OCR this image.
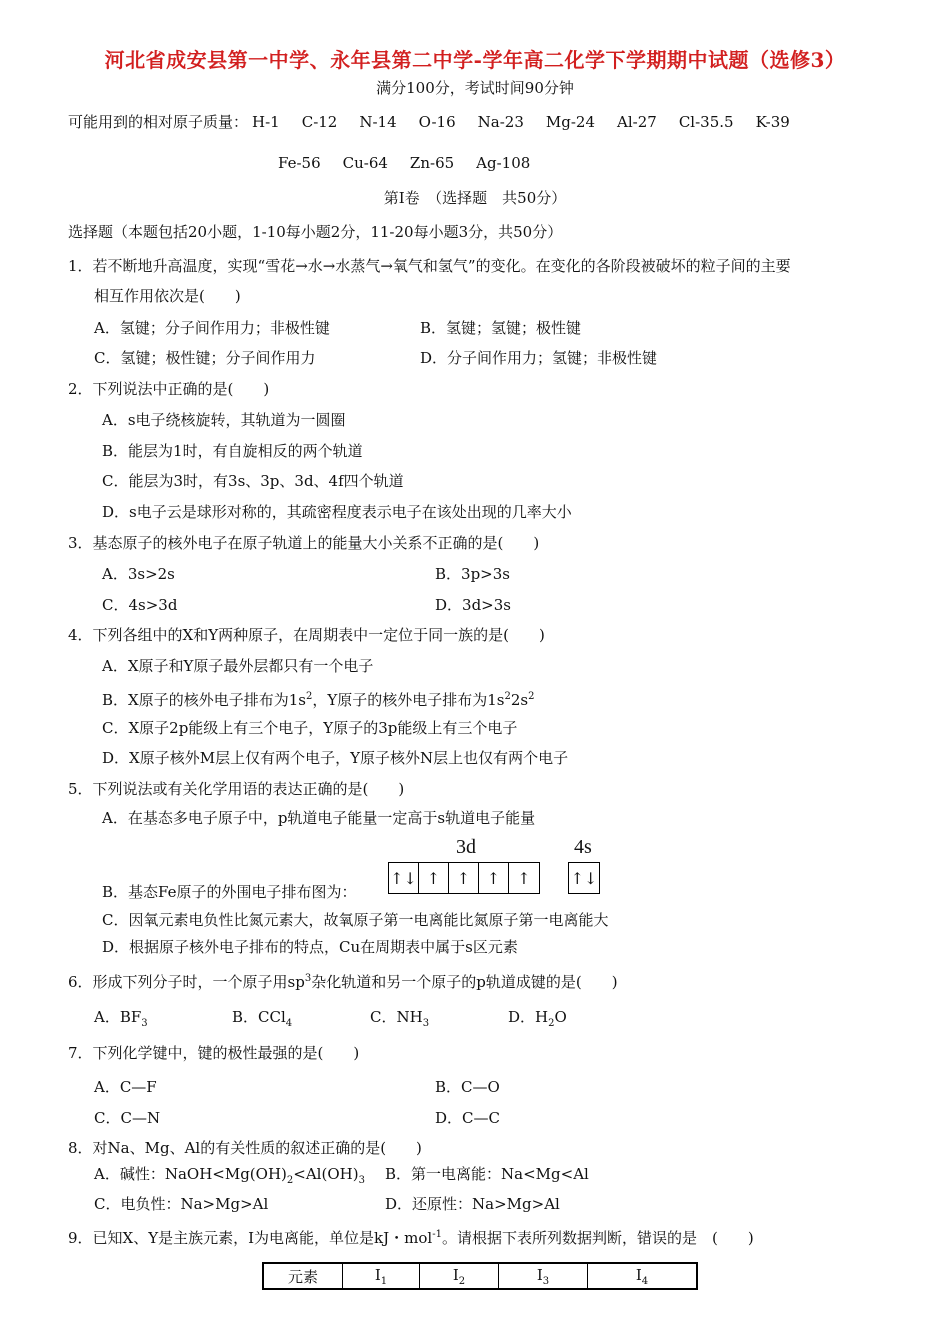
河北省成安县第一中学、永年县第二中学-学年高二化学下学期期中试题（选修3）
满分100分，考试时间90分钟
可能用到的相对原子质量： H-1 C-12 N-14 O-16 Na-23 Mg-24 Al-27 Cl-35.5 K-39
Fe-56 Cu-64 Zn-65 Ag-108
第Ⅰ卷　（选择题　共50分）
选择题（本题包括20小题，1-10每小题2分，11-20每小题3分，共50分）
1．若不断地升高温度，实现“雪花→水→水蒸气→氧气和氢气”的变化。在变化的各阶段被破坏的粒子间的主要
相互作用依次是(　　)
A．氢键；分子间作用力；非极性键	B．氢键；氢键；极性键
C．氢键；极性键；分子间作用力	D．分子间作用力；氢键；非极性键
2．下列说法中正确的是(　　)
A．s电子绕核旋转，其轨道为一圆圈
B．能层为1时，有自旋相反的两个轨道
C．能层为3时，有3s、3p、3d、4f四个轨道
D．s电子云是球形对称的，其疏密程度表示电子在该处出现的几率大小
3．基态原子的核外电子在原子轨道上的能量大小关系不正确的是(　　)
A．3s>2s	B．3p>3s
C．4s>3d	D．3d>3s
4．下列各组中的X和Y两种原子，在周期表中一定位于同一族的是(　　)
A．X原子和Y原子最外层都只有一个电子
B．X原子的核外电子排布为$1s^2$，Y原子的核外电子排布为$1s^22s^2$
C．X原子2p能级上有三个电子，Y原子的3p能级上有三个电子
D．X原子核外M层上仅有两个电子，Y原子核外N层上也仅有两个电子
5．下列说法或有关化学用语的表达正确的是(　　)
A．在基态多电子原子中，p轨道电子能量一定高于s轨道电子能量
3d	4s
↑↓ ↑	↑	↑	↑	↑↓
B．基态Fe原子的外围电子排布图为：
C．因氧元素电负性比氮元素大，故氧原子第一电离能比氮原子第一电离能大
D．根据原子核外电子排布的特点，Cu在周期表中属于s区元素
6．形成下列分子时，一个原子用$sp^3$杂化轨道和另一个原子的p轨道成键的是(　　)
A．$BF_3$	B．CCl$_4$	C．$NH_3$	D．$H_2O$
7．下列化学键中，键的极性最强的是(　　)
A．C—F	B．C—O
C．C—N	D．C—C
8．对Na、Mg、Al的有关性质的叙述正确的是(　　)
A．碱性：$NaOH<Mg(OH)_2<Al(OH)_3$ B．第一电离能：Na<Mg<Al
C．电负性：Na>Mg>Al	D．还原性：Na>Mg>Al
9．已知X、Y是主族元素，I为电离能，单位是kJ・mol$^{-1}$。请根据下表所列数据判断，错误的是　(　　)
元素	$I_1$	$I_2$	$I_3$	$I_4$
